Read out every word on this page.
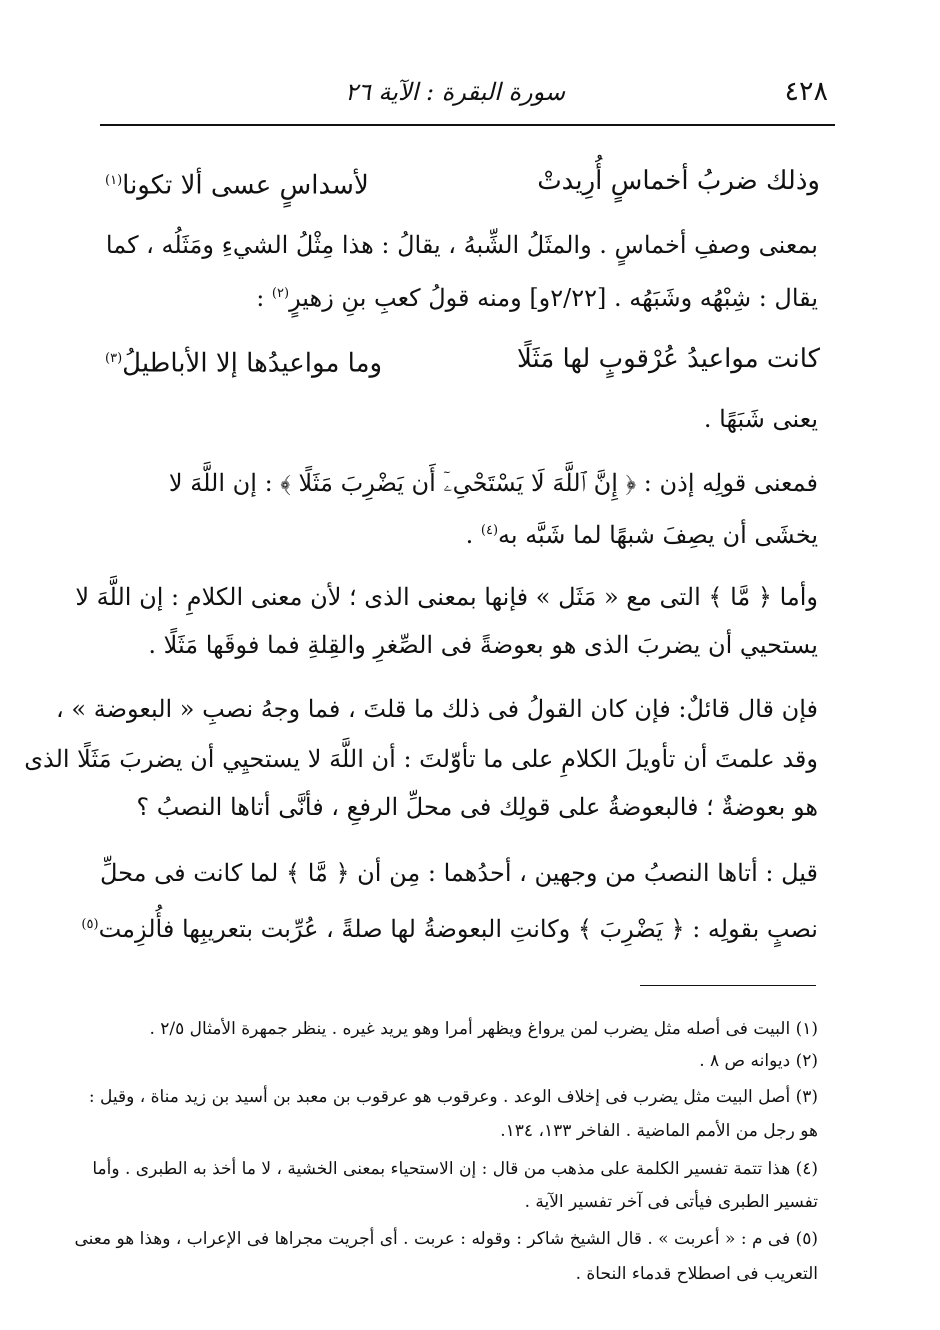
٤٢٨
سورة البقرة : الآية ٢٦
وذلك ضربُ أخماسٍ أُرِيدتْ
لأسداسٍ عسى ألا تكونا$^{(١)}$
بمعنى وصفِ أخماسٍ . والمثَلُ الشِّبهُ ، يقالُ : هذا مِثْلُ الشيءِ ومَثَلُه ، كما
يقال : شِبْهُه وشَبَهُه . [٢/٢٢و] ومنه قولُ كعبِ بنِ زهيرٍ$^{(٢)}$ :
كانت مواعيدُ عُرْقوبٍ لها مَثَلًا
وما مواعيدُها إلا الأباطيلُ$^{(٣)}$
يعنى شَبَهًا .
فمعنى قولِه إذن : ﴿ إِنَّ ٱللَّهَ لَا يَسْتَحْىِۦٓ أَن يَضْرِبَ مَثَلًا ﴾ : إن اللَّهَ لا
يخشَى أن يصِفَ شبهًا لما شَبَّه به$^{(٤)}$ .
وأما ﴿ مَّا ﴾ التى مع « مَثَل » فإنها بمعنى الذى ؛ لأن معنى الكلامِ : إن اللَّهَ لا
يستحيي أن يضربَ الذى هو بعوضةً فى الصِّغرِ والقِلةِ فما فوقَها مَثَلًا .
فإن قال قائلٌ: فإن كان القولُ فى ذلك ما قلتَ ، فما وجهُ نصبِ « البعوضة » ،
وقد علمتَ أن تأويلَ الكلامِ على ما تأوّلتَ : أن اللَّهَ لا يستحيِي أن يضربَ مَثَلًا الذى
هو بعوضةٌ ؛ فالبعوضةُ على قولِك فى محلِّ الرفعِ ، فأنَّى أتاها النصبُ ؟
قيل : أتاها النصبُ من وجهين ، أحدُهما : مِن أن ﴿ مَّا ﴾ لما كانت فى محلِّ
نصبٍ بقولِه : ﴿ يَضْرِبَ ﴾ وكانتِ البعوضةُ لها صلةً ، عُرِّبت بتعريبِها فأُلزِمت$^{(٥)}$
(١) البيت فى أصله مثل يضرب لمن يرواغ ويظهر أمرا وهو يريد غيره . ينظر جمهرة الأمثال ٢/٥ .
(٢) ديوانه ص ٨ .
(٣) أصل البيت مثل يضرب فى إخلاف الوعد . وعرقوب هو عرقوب بن معبد بن أسيد بن زيد مناة ، وقيل :
هو رجل من الأمم الماضية . الفاخر ١٣٣، ١٣٤.
(٤) هذا تتمة تفسير الكلمة على مذهب من قال : إن الاستحياء بمعنى الخشية ، لا ما أخذ به الطبرى . وأما
تفسير الطبرى فيأتى فى آخر تفسير الآية .
(٥) فى م : « أعربت » . قال الشيخ شاكر : وقوله : عربت . أى أجريت مجراها فى الإعراب ، وهذا هو معنى
التعريب فى اصطلاح قدماء النحاة .
